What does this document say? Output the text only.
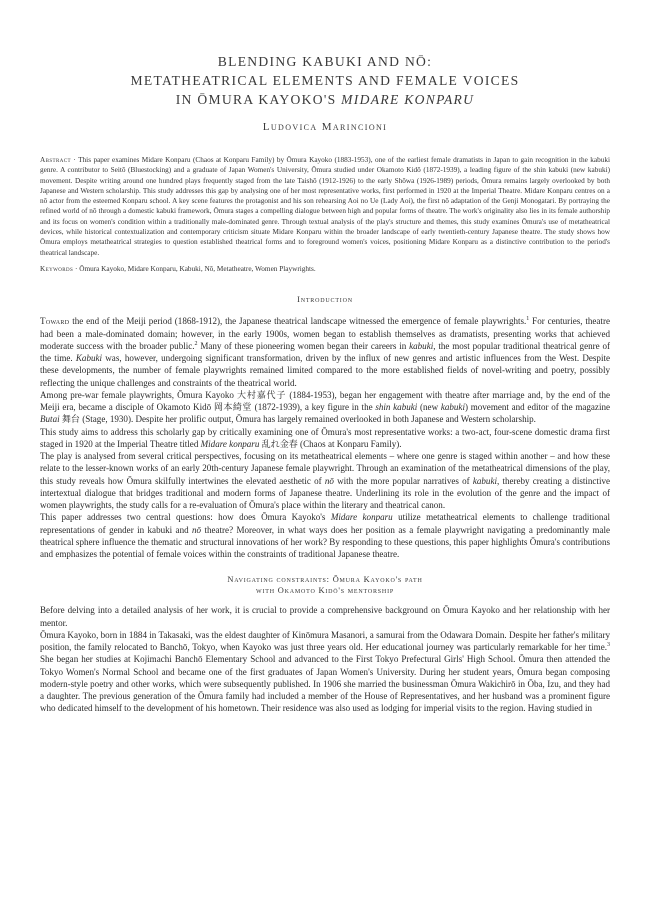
BLENDING KABUKI AND NŌ:
METATHEATRICAL ELEMENTS AND FEMALE VOICES
IN ŌMURA KAYOKO'S MIDARE KONPARU
Ludovica Marincioni
Abstract · This paper examines Midare Konparu (Chaos at Konparu Family) by Ōmura Kayoko (1883-1953), one of the earliest female dramatists in Japan to gain recognition in the kabuki genre. A contributor to Seitō (Bluestocking) and a graduate of Japan Women's University, Ōmura studied under Okamoto Kidō (1872-1939), a leading figure of the shin kabuki (new kabuki) movement. Despite writing around one hundred plays frequently staged from the late Taishō (1912-1926) to the early Shōwa (1926-1989) periods, Ōmura remains largely overlooked by both Japanese and Western scholarship. This study addresses this gap by analysing one of her most representative works, first performed in 1920 at the Imperial Theatre. Midare Konparu centres on a nō actor from the esteemed Konparu school. A key scene features the protagonist and his son rehearsing Aoi no Ue (Lady Aoi), the first nō adaptation of the Genji Monogatari. By portraying the refined world of nō through a domestic kabuki framework, Ōmura stages a compelling dialogue between high and popular forms of theatre. The work's originality also lies in its female authorship and its focus on women's condition within a traditionally male-dominated genre. Through textual analysis of the play's structure and themes, this study examines Ōmura's use of metatheatrical devices, while historical contextualization and contemporary criticism situate Midare Konparu within the broader landscape of early twentieth-century Japanese theatre. The study shows how Ōmura employs metatheatrical strategies to question established theatrical forms and to foreground women's voices, positioning Midare Konparu as a distinctive contribution to the period's theatrical landscape.
Keywords · Ōmura Kayoko, Midare Konparu, Kabuki, Nō, Metatheatre, Women Playwrights.
Introduction

Toward the end of the Meiji period (1868-1912), the Japanese theatrical landscape witnessed the emergence of female playwrights.$^1$ For centuries, theatre had been a male-dominated domain; however, in the early 1900s, women began to establish themselves as dramatists, presenting works that achieved moderate success with the broader public.$^2$ Many of these pioneering women began their careers in kabuki, the most popular traditional theatrical genre of the time. Kabuki was, however, undergoing significant transformation, driven by the influx of new genres and artistic influences from the West. Despite these developments, the number of female playwrights remained limited compared to the more established fields of novel-writing and poetry, possibly reflecting the unique challenges and constraints of the theatrical world.

Among pre-war female playwrights, Ōmura Kayoko 大村嘉代子 (1884-1953), began her engagement with theatre after marriage and, by the end of the Meiji era, became a disciple of Okamoto Kidō 岡本綺堂 (1872-1939), a key figure in the shin kabuki (new kabuki) movement and editor of the magazine Butai 舞台 (Stage, 1930). Despite her prolific output, Ōmura has largely remained overlooked in both Japanese and Western scholarship.

This study aims to address this scholarly gap by critically examining one of Ōmura's most representative works: a two-act, four-scene domestic drama first staged in 1920 at the Imperial Theatre titled Midare konparu 乱れ金春 (Chaos at Konparu Family).

The play is analysed from several critical perspectives, focusing on its metatheatrical elements – where one genre is staged within another – and how these relate to the lesser-known works of an early 20th-century Japanese female playwright. Through an examination of the metatheatrical dimensions of the play, this study reveals how Ōmura skilfully intertwines the elevated aesthetic of nō with the more popular narratives of kabuki, thereby creating a distinctive intertextual dialogue that bridges traditional and modern forms of Japanese theatre. Underlining its role in the evolution of the genre and the impact of women playwrights, the study calls for a re-evaluation of Ōmura's place within the literary and theatrical canon.

This paper addresses two central questions: how does Ōmura Kayoko's Midare konparu utilize metatheatrical elements to challenge traditional representations of gender in kabuki and nō theatre? Moreover, in what ways does her position as a female playwright navigating a predominantly male theatrical sphere influence the thematic and structural innovations of her work? By responding to these questions, this paper highlights Ōmura's contributions and emphasizes the potential of female voices within the constraints of traditional Japanese theatre.

Navigating constraints: Ōmura Kayoko's path
with Okamoto Kidō's mentorship

Before delving into a detailed analysis of her work, it is crucial to provide a comprehensive background on Ōmura Kayoko and her relationship with her mentor.

Ōmura Kayoko, born in 1884 in Takasaki, was the eldest daughter of Kinōmura Masanori, a samurai from the Odawara Domain. Despite her father's military position, the family relocated to Banchō, Tokyo, when Kayoko was just three years old. Her educational journey was particularly remarkable for her time.$^3$ She began her studies at Kojimachi Banchō Elementary School and advanced to the First Tokyo Prefectural Girls' High School. Ōmura then attended the Tokyo Women's Normal School and became one of the first graduates of Japan Women's University. During her student years, Ōmura began composing modern-style poetry and other works, which were subsequently published. In 1906 she married the businessman Ōmura Wakichirō in Ōba, Izu, and they had a daughter. The previous generation of the Ōmura family had included a member of the House of Representatives, and her husband was a prominent figure who dedicated himself to the development of his hometown. Their residence was also used as lodging for imperial visits to the region. Having studied in
